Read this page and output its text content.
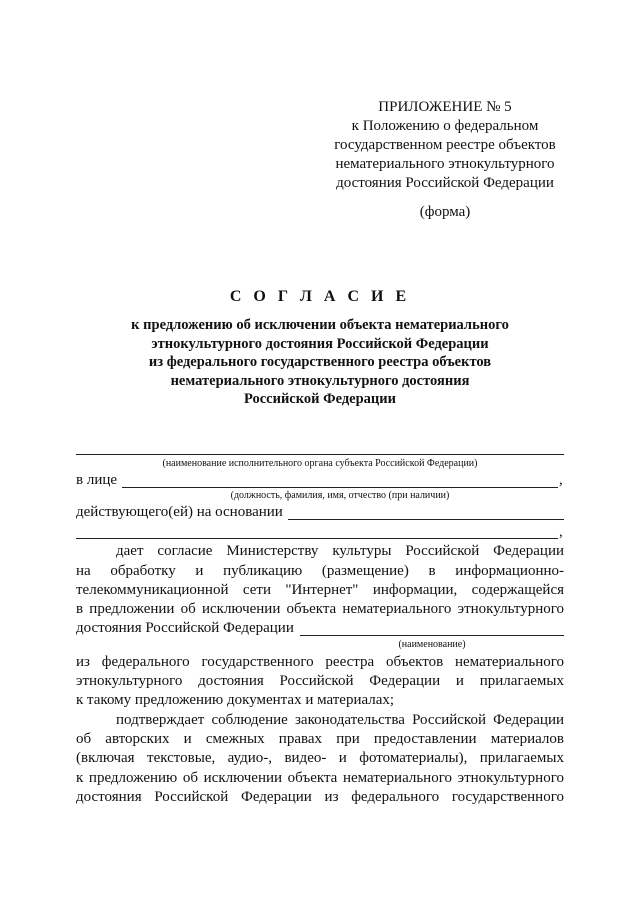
ПРИЛОЖЕНИЕ № 5
к Положению о федеральном
государственном реестре объектов
нематериального этнокультурного
достояния Российской Федерации
(форма)
С О Г Л А С И Е
к предложению об исключении объекта нематериального
этнокультурного достояния Российской Федерации
из федерального государственного реестра объектов
нематериального этнокультурного достояния
Российской Федерации
(наименование исполнительного органа субъекта Российской Федерации)
в лице	,
(должность, фамилия, имя, отчество (при наличии)
действующего(ей) на основании
,
дает согласие Министерству культуры Российской Федерации
на обработку и публикацию (размещение) в информационно-
телекоммуникационной сети "Интернет" информации, содержащейся
в предложении об исключении объекта нематериального этнокультурного
достояния Российской Федерации
(наименование)
из федерального государственного реестра объектов нематериального
этнокультурного достояния Российской Федерации и прилагаемых
к такому предложению документах и материалах;
подтверждает соблюдение законодательства Российской Федерации
об авторских и смежных правах при предоставлении материалов
(включая текстовые, аудио-, видео- и фотоматериалы), прилагаемых
к предложению об исключении объекта нематериального этнокультурного
достояния Российской Федерации из федерального государственного
